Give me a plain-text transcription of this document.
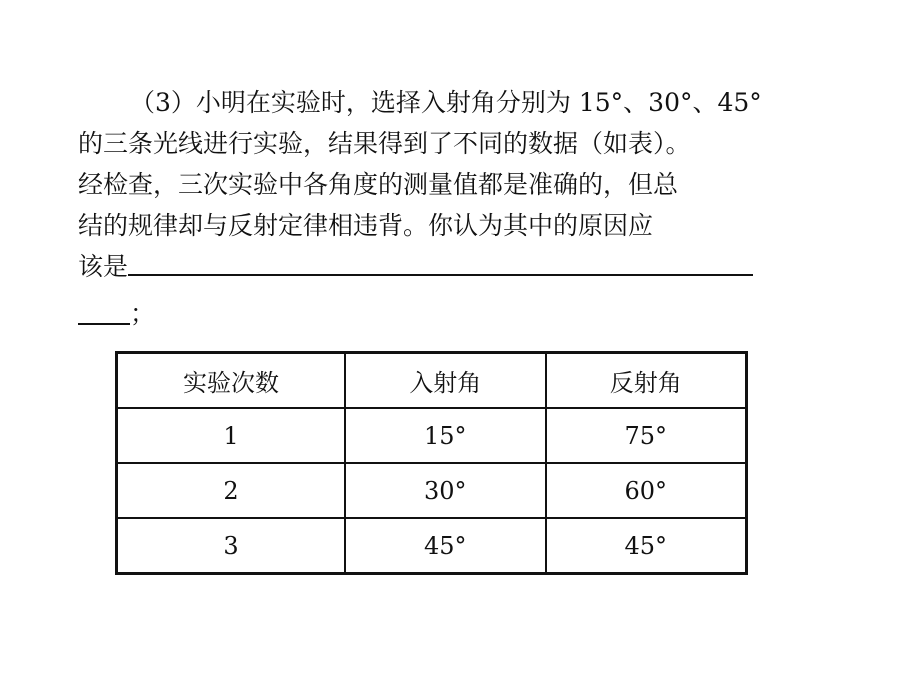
（3）小明在实验时，选择入射角分别为 15°、30°、45°
的三条光线进行实验，结果得到了不同的数据（如表）。
经检查，三次实验中各角度的测量值都是准确的，但总
结的规律却与反射定律相违背。你认为其中的原因应
该是
；
实验次数	入射角	反射角
1	15°	75°
2	30°	60°
3	45°	45°
